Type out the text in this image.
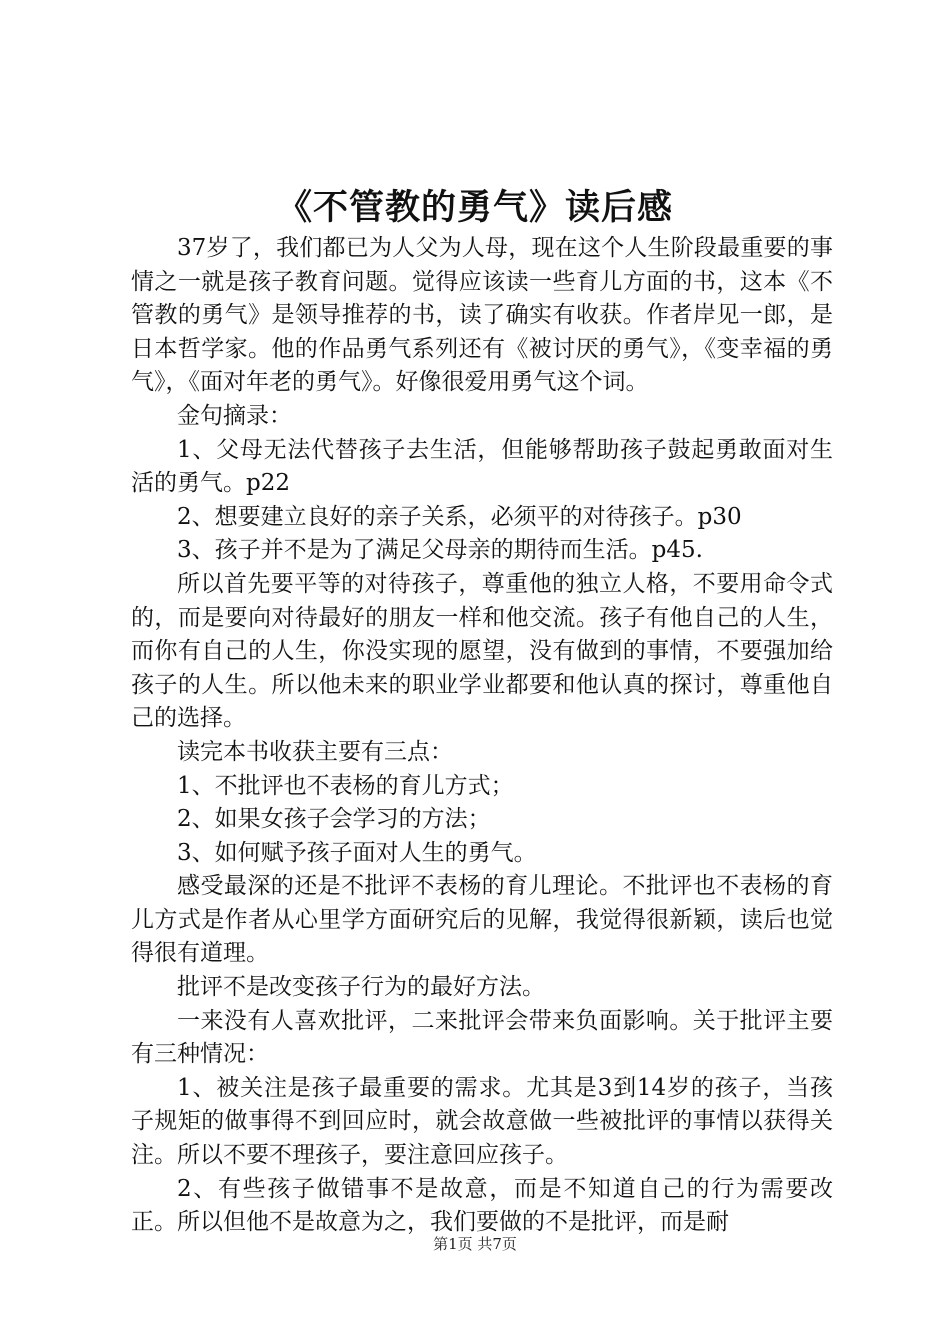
《不管教的勇气》读后感

37岁了，我们都已为人父为人母，现在这个人生阶段最重要的事情之一就是孩子教育问题。觉得应该读一些育儿方面的书，这本《不管教的勇气》是领导推荐的书，读了确实有收获。作者岸见一郎，是日本哲学家。他的作品勇气系列还有《被讨厌的勇气》，《变幸福的勇气》，《面对年老的勇气》。好像很爱用勇气这个词。

金句摘录：

1、父母无法代替孩子去生活，但能够帮助孩子鼓起勇敢面对生活的勇气。p22

2、想要建立良好的亲子关系，必须平的对待孩子。p30

3、孩子并不是为了满足父母亲的期待而生活。p45.

所以首先要平等的对待孩子，尊重他的独立人格，不要用命令式的，而是要向对待最好的朋友一样和他交流。孩子有他自己的人生，而你有自己的人生，你没实现的愿望，没有做到的事情，不要强加给孩子的人生。所以他未来的职业学业都要和他认真的探讨，尊重他自己的选择。

读完本书收获主要有三点：

1、不批评也不表杨的育儿方式；

2、如果女孩子会学习的方法；

3、如何赋予孩子面对人生的勇气。

感受最深的还是不批评不表杨的育儿理论。不批评也不表杨的育儿方式是作者从心里学方面研究后的见解，我觉得很新颖，读后也觉得很有道理。

批评不是改变孩子行为的最好方法。

一来没有人喜欢批评，二来批评会带来负面影响。关于批评主要有三种情况：

1、被关注是孩子最重要的需求。尤其是3到14岁的孩子，当孩子规矩的做事得不到回应时，就会故意做一些被批评的事情以获得关注。所以不要不理孩子，要注意回应孩子。

2、有些孩子做错事不是故意，而是不知道自己的行为需要改正。所以但他不是故意为之，我们要做的不是批评，而是耐

第1页 共7页
